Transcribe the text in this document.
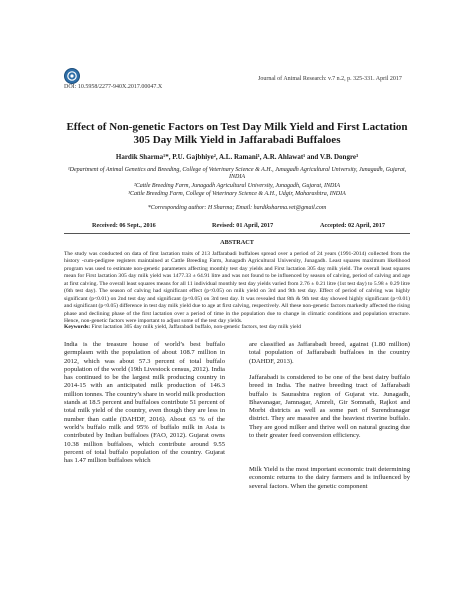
DOI: 10.5958/2277-940X.2017.00047.X
Journal of Animal Research: v.7 n.2, p. 325-331. April 2017
Effect of Non-genetic Factors on Test Day Milk Yield and First Lactation 305 Day Milk Yield in Jaffarabadi Buffaloes
Hardik Sharma¹*, P.U. Gajbhiye², A.L. Ramani¹, A.R. Ahlawat¹ and V.B. Dongre³
¹Department of Animal Genetics and Breeding, College of Veterinary Science & A.H., Junagadh Agricultural University, Junagadh, Gujarat, INDIA
²Cattle Breeding Farm, Junagadh Agricultural University, Junagadh, Gujarat, INDIA
³Cattle Breeding Farm, College of Veterinary Science & A.H., Udgir, Maharashtra, INDIA
*Corresponding author: H Sharma; Email: hardiksharma.vet@gmail.com
Received: 06 Sept., 2016	Revised: 01 April, 2017	Accepted: 02 April, 2017
ABSTRACT
The study was conducted on data of first lactation traits of 213 Jaffarabadi buffaloes spread over a period of 24 years (1991-2014) collected from the history -cum-pedigree registers maintained at Cattle Breeding Farm, Junagadh Agricultural University, Junagadh. Least squares maximum likelihood program was used to estimate non-genetic parameters affecting monthly test day yields and First lactation 305 day milk yield. The overall least squares mean for First lactation 305 day milk yield was 1477.33 ± 64.91 litre and was not found to be influenced by season of calving, period of calving and age at first calving. The overall least squares means for all 11 individual monthly test day yields varied from 2.76 ± 0.21 litre (1st test day) to 5.98 ± 0.29 litre (6th test day). The season of calving had significant effect (p<0.05) on milk yield on 3rd and 9th test day. Effect of period of calving was highly significant (p<0.01) on 2nd test day and significant (p<0.05) on 3rd test day. It was revealed that 8th & 9th test day showed highly significant (p<0.01) and significant (p<0.05) difference in test day milk yield due to age at first calving, respectively. All these non-genetic factors markedly affected the rising phase and declining phase of the first lactation over a period of time in the population due to change in climatic conditions and population structure. Hence, non-genetic factors were important to adjust some of the test day yields.
Keywords: First lactation 305 day milk yield, Jaffarabadi buffalo, non-genetic factors, test day milk yield
India is the treasure house of world’s best buffalo germplasm with the population of about 108.7 million in 2012, which was about 57.3 percent of total buffalo population of the world (19th Livestock census, 2012). India has continued to be the largest milk producing country in 2014-15 with an anticipated milk production of 146.3 million tonnes. The country’s share in world milk production stands at 18.5 percent and buffaloes contribute 51 percent of total milk yield of the country, even though they are less in number than cattle (DAHDF, 2016). About 63 % of the world’s buffalo milk and 95% of buffalo milk in Asia is contributed by Indian buffaloes (FAO, 2012). Gujarat owns 10.38 million buffaloes, which contribute around 9.55 percent of total buffalo population of the country. Gujarat has 1.47 million buffaloes which
are classified as Jaffarabadi breed, against (1.80 million) total population of Jaffarabadi buffaloes in the country (DAHDF, 2013).
Jaffarabadi is considered to be one of the best dairy buffalo breed in India. The native breeding tract of Jaffarabadi buffalo is Saurashtra region of Gujarat viz. Junagadh, Bhavanagar, Jamnagar, Amreli, Gir Somnath, Rajkot and Morbi districts as well as some part of Surendranagar district. They are massive and the heaviest riverine buffalo. They are good milker and thrive well on natural grazing due to their greater feed conversion efficiency.
Milk Yield is the most important economic trait determining economic returns to the dairy farmers and is influenced by several factors. When the genetic component
